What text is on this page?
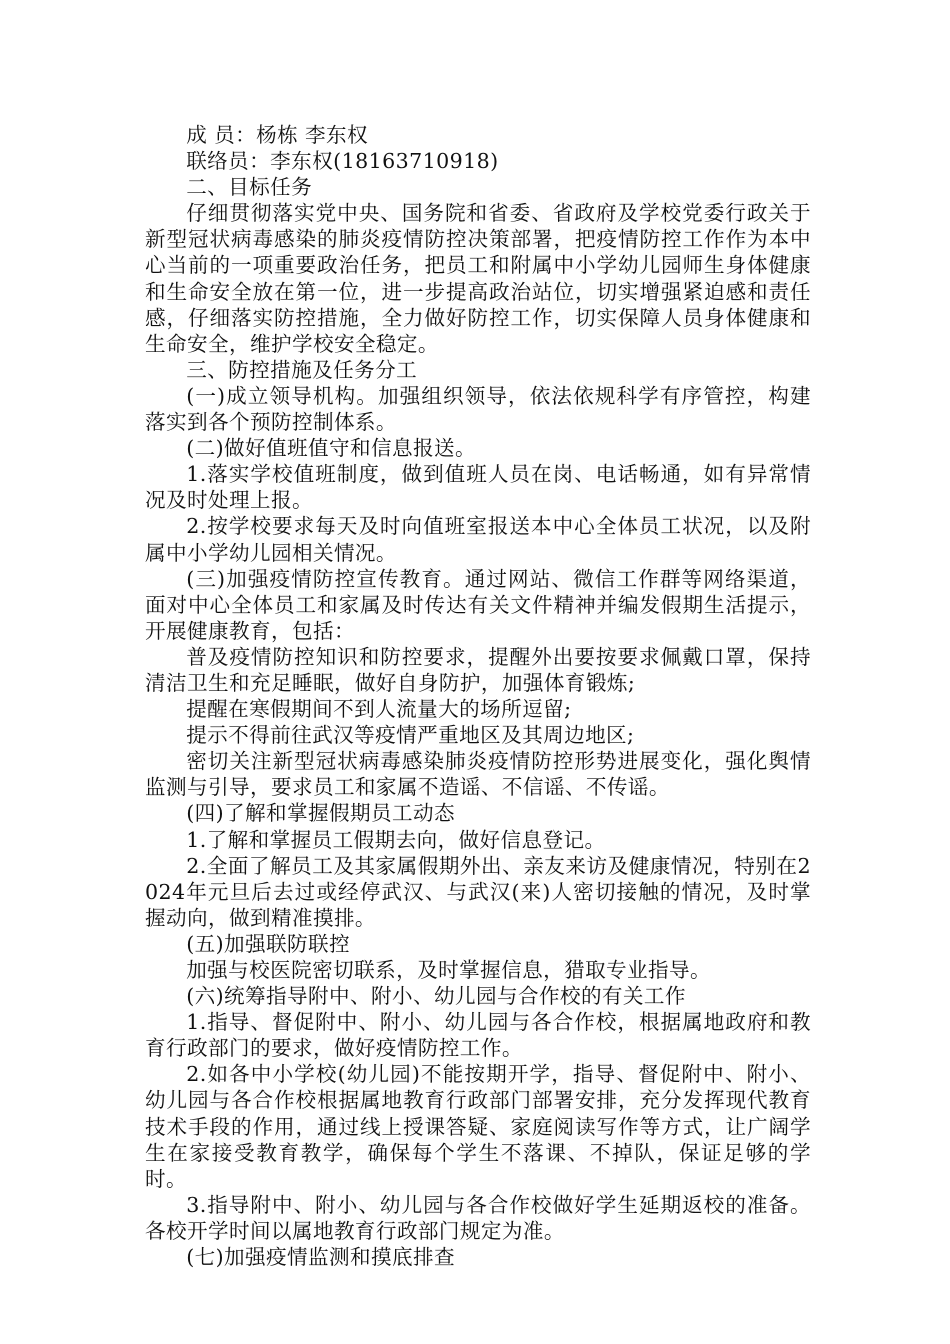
成 员：杨栋 李东权

联络员：李东权(18163710918)

二、目标任务

仔细贯彻落实党中央、国务院和省委、省政府及学校党委行政关于新型冠状病毒感染的肺炎疫情防控决策部署，把疫情防控工作作为本中心当前的一项重要政治任务，把员工和附属中小学幼儿园师生身体健康和生命安全放在第一位，进一步提高政治站位，切实增强紧迫感和责任感，仔细落实防控措施，全力做好防控工作，切实保障人员身体健康和生命安全，维护学校安全稳定。

三、防控措施及任务分工

(一)成立领导机构。加强组织领导，依法依规科学有序管控，构建落实到各个预防控制体系。

(二)做好值班值守和信息报送。

1.落实学校值班制度，做到值班人员在岗、电话畅通，如有异常情况及时处理上报。

2.按学校要求每天及时向值班室报送本中心全体员工状况，以及附属中小学幼儿园相关情况。

(三)加强疫情防控宣传教育。通过网站、微信工作群等网络渠道，面对中心全体员工和家属及时传达有关文件精神并编发假期生活提示，开展健康教育，包括：

普及疫情防控知识和防控要求，提醒外出要按要求佩戴口罩，保持清洁卫生和充足睡眠，做好自身防护，加强体育锻炼;

提醒在寒假期间不到人流量大的场所逗留;

提示不得前往武汉等疫情严重地区及其周边地区;

密切关注新型冠状病毒感染肺炎疫情防控形势进展变化，强化舆情监测与引导，要求员工和家属不造谣、不信谣、不传谣。

(四)了解和掌握假期员工动态

1.了解和掌握员工假期去向，做好信息登记。

2.全面了解员工及其家属假期外出、亲友来访及健康情况，特别在2024年元旦后去过或经停武汉、与武汉(来)人密切接触的情况，及时掌握动向，做到精准摸排。

(五)加强联防联控

加强与校医院密切联系，及时掌握信息，猎取专业指导。

(六)统筹指导附中、附小、幼儿园与合作校的有关工作

1.指导、督促附中、附小、幼儿园与各合作校，根据属地政府和教育行政部门的要求，做好疫情防控工作。

2.如各中小学校(幼儿园)不能按期开学，指导、督促附中、附小、幼儿园与各合作校根据属地教育行政部门部署安排，充分发挥现代教育技术手段的作用，通过线上授课答疑、家庭阅读写作等方式，让广阔学生在家接受教育教学，确保每个学生不落课、不掉队，保证足够的学时。

3.指导附中、附小、幼儿园与各合作校做好学生延期返校的准备。各校开学时间以属地教育行政部门规定为准。

(七)加强疫情监测和摸底排查
